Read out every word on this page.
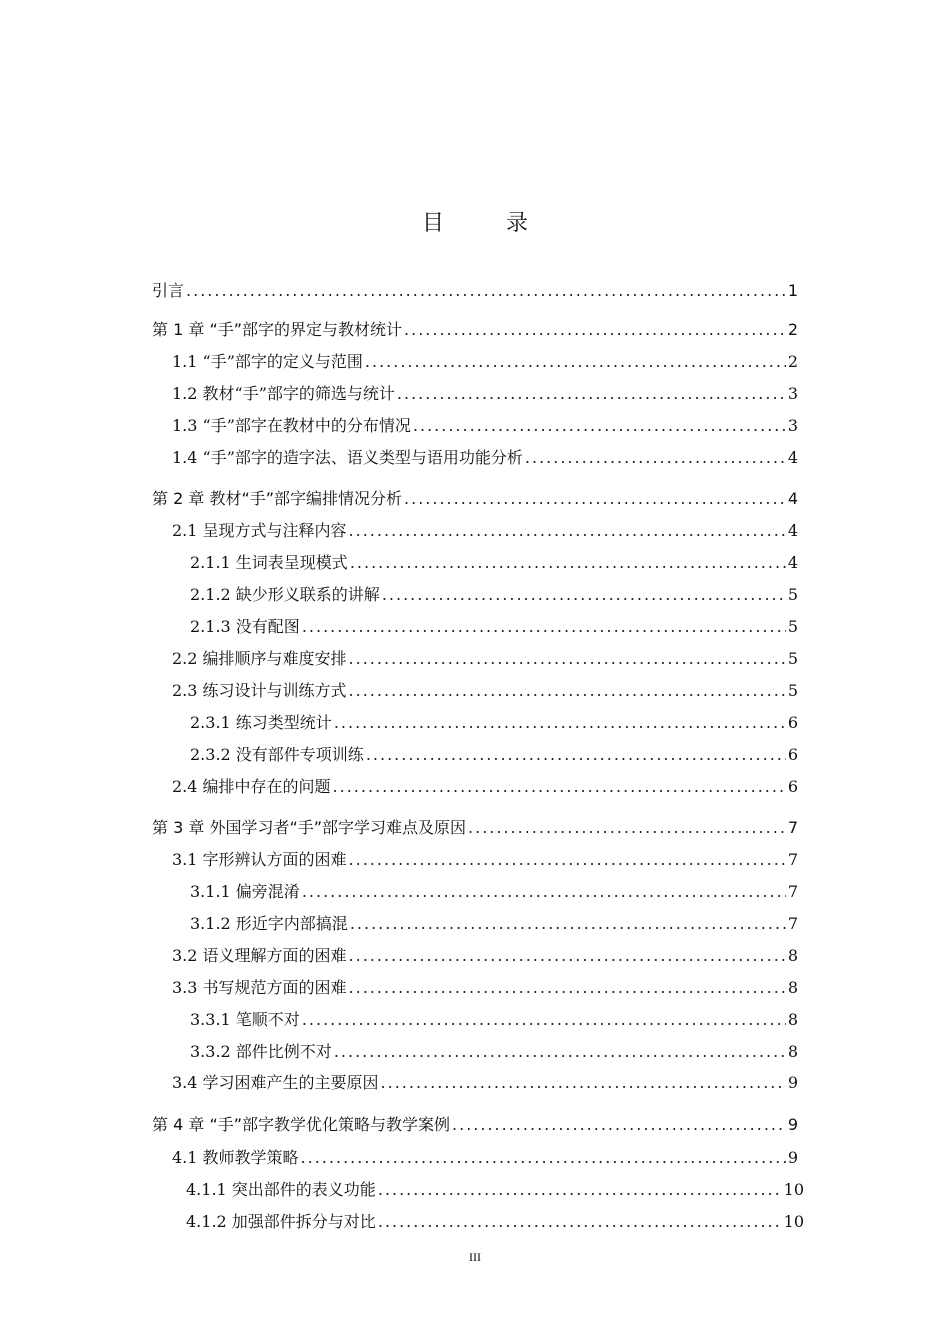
目　录
引言 .....	1
第 1 章 “手”部字的界定与教材统计 .....	2
1.1 “手”部字的定义与范围 .....	2
1.2 教材“手”部字的筛选与统计 .....	3
1.3 “手”部字在教材中的分布情况 .....	3
1.4 “手”部字的造字法、语义类型与语用功能分析 .....	4
第 2 章 教材“手”部字编排情况分析 .....	4
2.1 呈现方式与注释内容 .....	4
2.1.1 生词表呈现模式 .....	4
2.1.2 缺少形义联系的讲解 .....	5
2.1.3 没有配图 .....	5
2.2 编排顺序与难度安排 .....	5
2.3 练习设计与训练方式 .....	5
2.3.1 练习类型统计 .....	6
2.3.2 没有部件专项训练 .....	6
2.4 编排中存在的问题 .....	6
第 3 章 外国学习者“手”部字学习难点及原因 .....	7
3.1 字形辨认方面的困难 .....	7
3.1.1 偏旁混淆 .....	7
3.1.2 形近字内部搞混 .....	7
3.2 语义理解方面的困难 .....	8
3.3 书写规范方面的困难 .....	8
3.3.1 笔顺不对 .....	8
3.3.2 部件比例不对 .....	8
3.4 学习困难产生的主要原因 .....	9
第 4 章 “手”部字教学优化策略与教学案例 .....	9
4.1 教师教学策略 .....	9
4.1.1 突出部件的表义功能 .....	10
4.1.2 加强部件拆分与对比 .....	10
III
